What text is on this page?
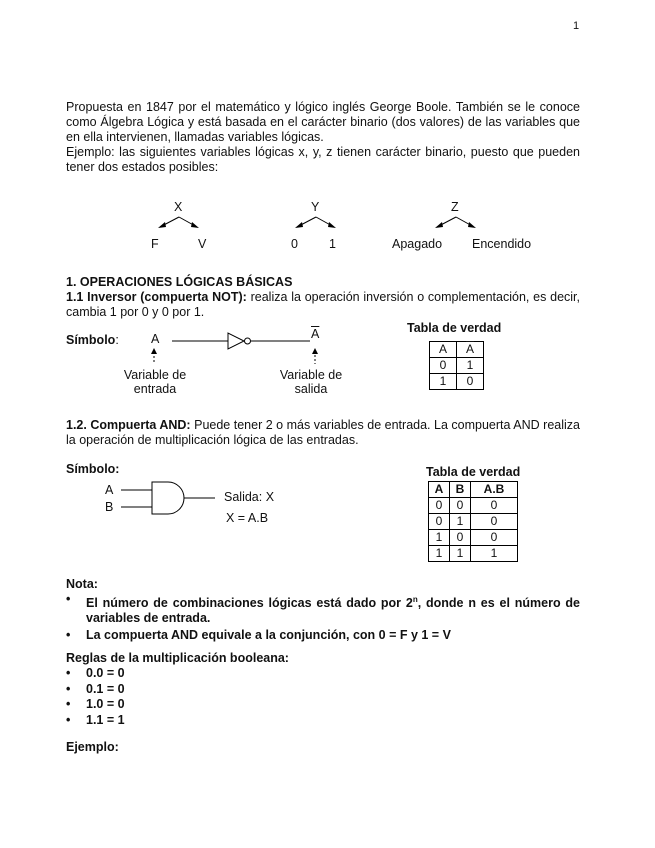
1
Propuesta en 1847 por el matemático y lógico inglés George Boole. También se le conoce como Álgebra Lógica y está basada en el carácter binario (dos valores) de las variables que en ella intervienen, llamadas variables lógicas.
Ejemplo: las siguientes variables lógicas x, y, z tienen carácter binario, puesto que pueden tener dos estados posibles:
X
F	V
Y
0 1
Z
Apagado Encendido
1. OPERACIONES LÓGICAS BÁSICAS
1.1 Inversor (compuerta NOT): realiza la operación inversión o complementación, es decir, cambia 1 por 0 y 0 por 1.
Símbolo:	A	$\overline{A}$
Variable de
entrada
Variable de
salida
Tabla de verdad
A	$\overline{A}$
0	1
1	0
1.2. Compuerta AND: Puede tener 2 o más variables de entrada. La compuerta AND realiza la operación de multiplicación lógica de las entradas.
Símbolo:
A
B
Salida: X
X = A.B
Tabla de verdad
A	B	A.B
0	0	0
0	1	0
1	0	0
1	1	1
Nota:
• El número de combinaciones lógicas está dado por 2$^n$, donde n es el número de variables de entrada.
• La compuerta AND equivale a la conjunción, con 0 = F y 1 = V
Reglas de la multiplicación booleana:
• 0.0 = 0
• 0.1 = 0
• 1.0 = 0
• 1.1 = 1
Ejemplo:
